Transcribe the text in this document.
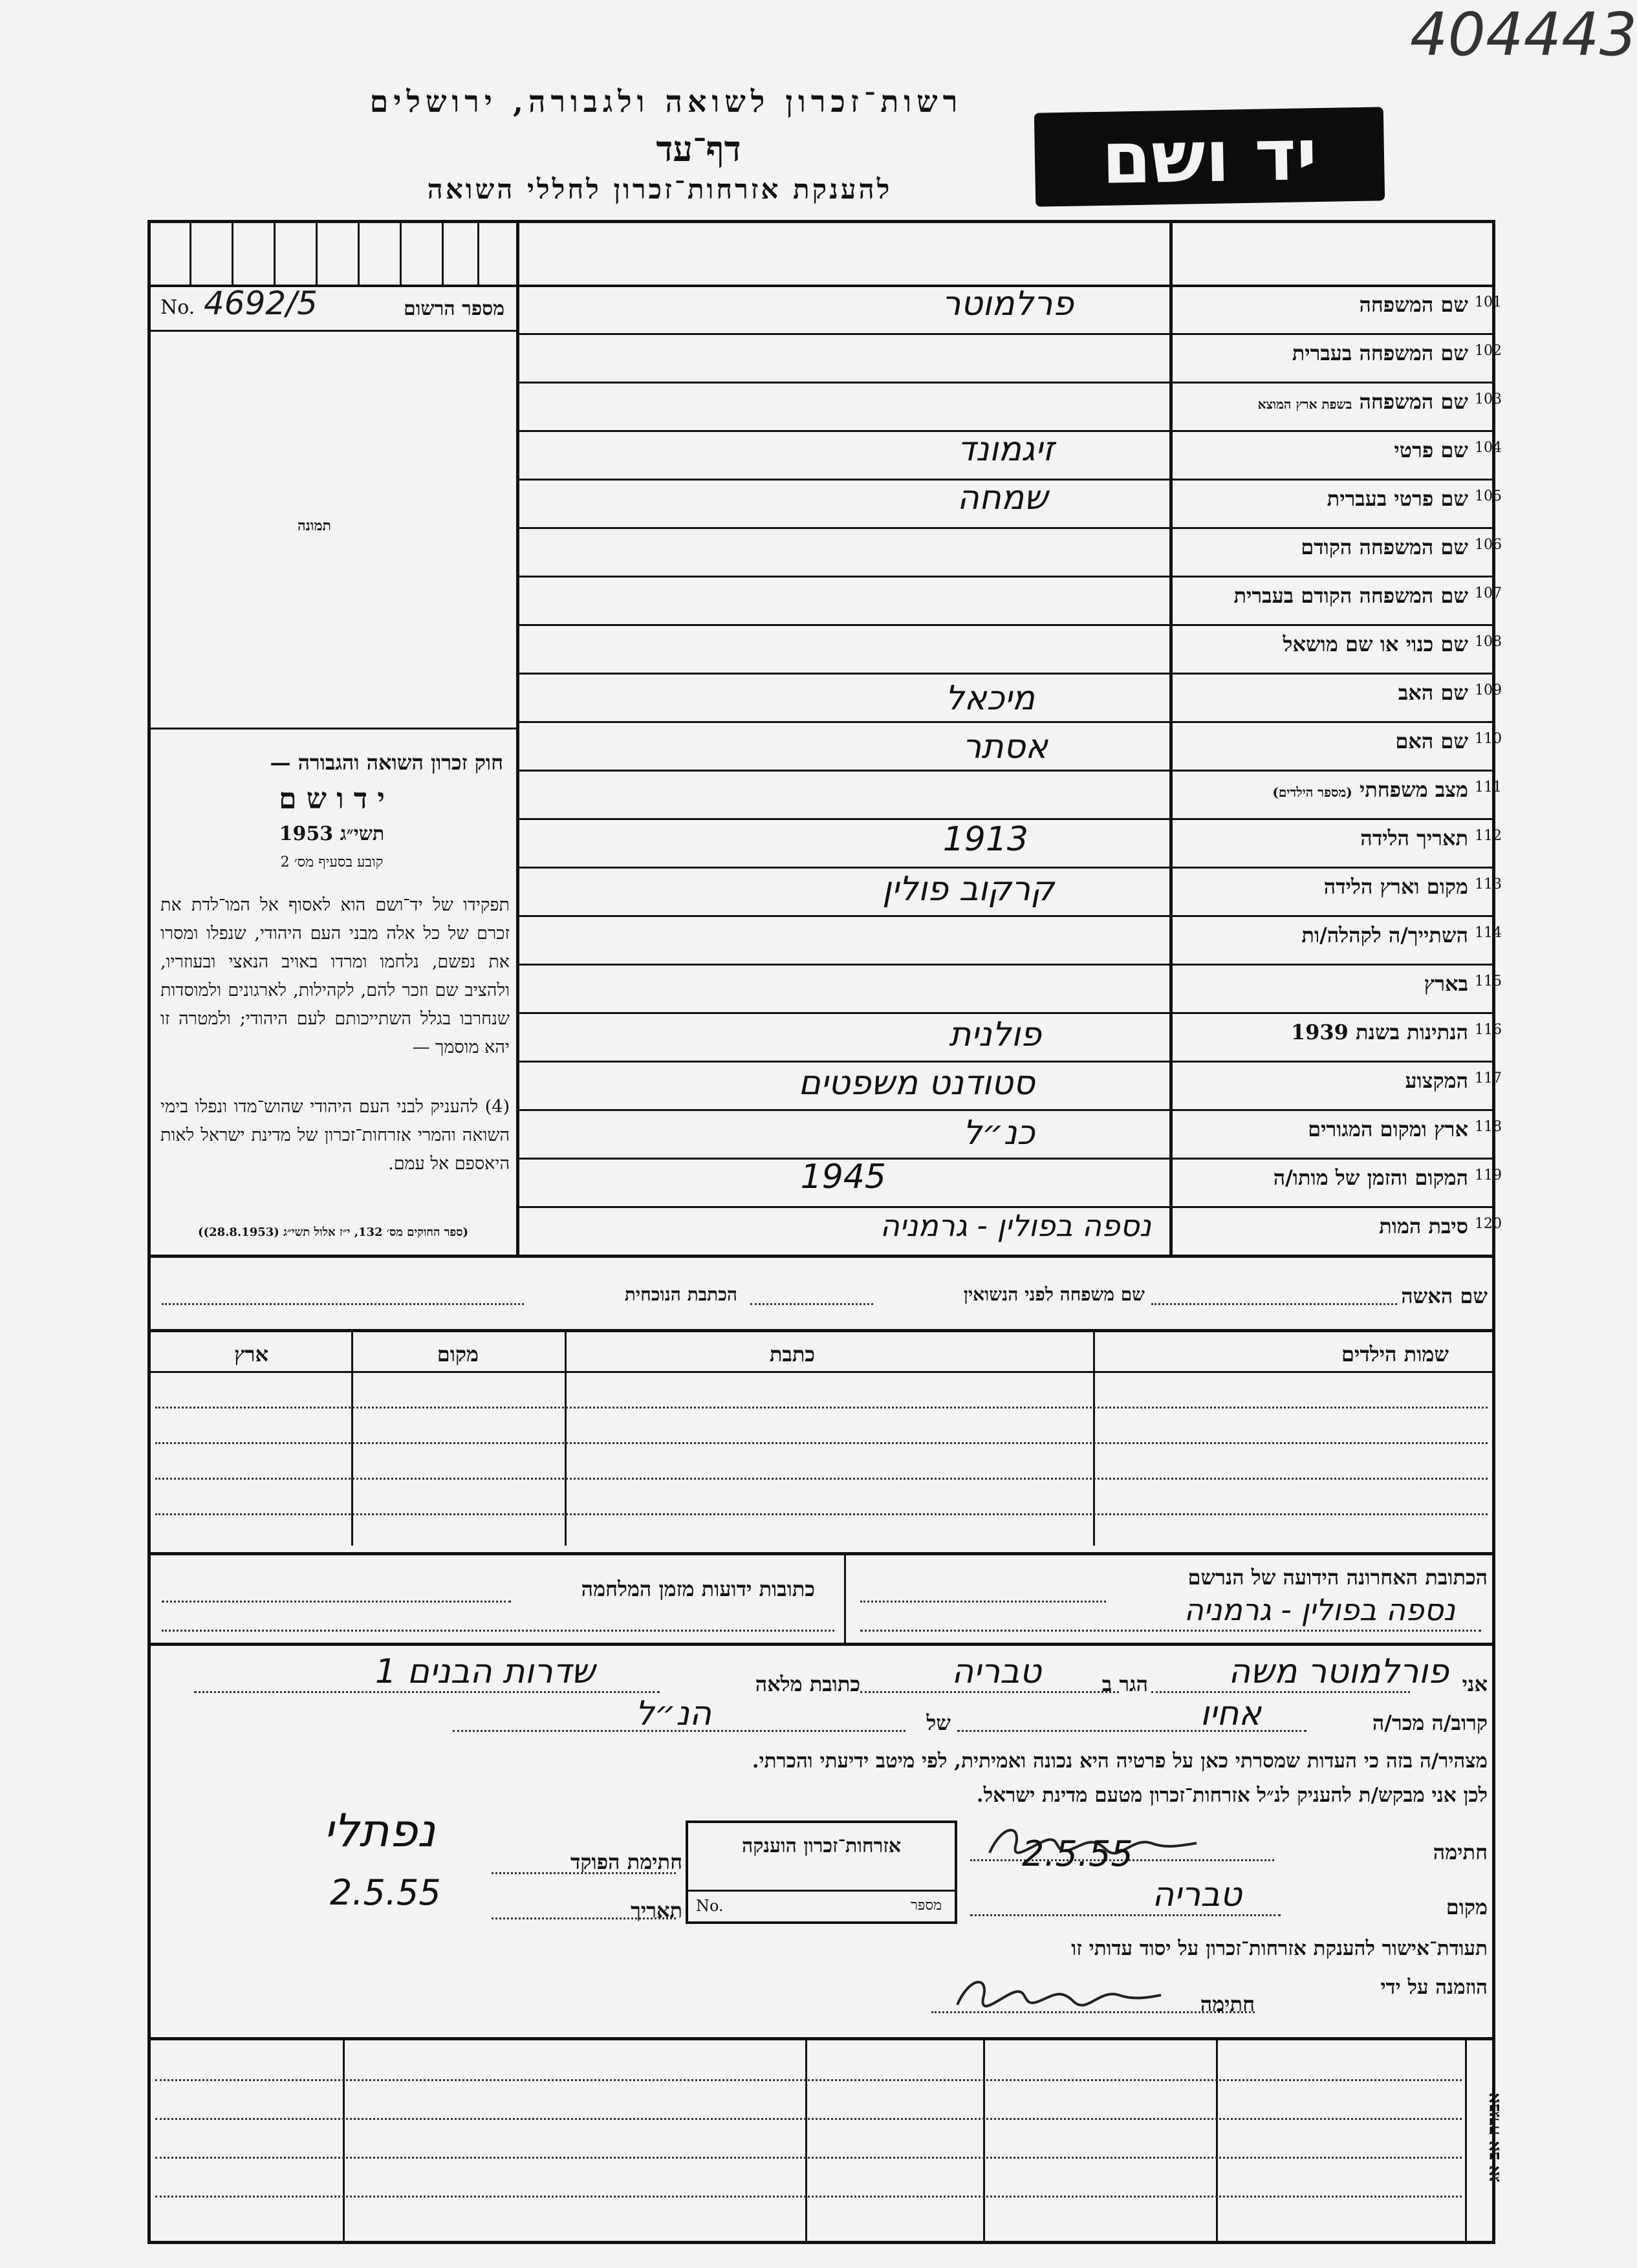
404443
יד ושם
רשות־זכרון לשואה ולגבורה, ירושלים
דף־עד
להענקת אזרחות־זכרון לחללי השואה
No. 4692/5	מספר הרשום
תמונה
חוק זכרון השואה והגבורה —
י ד ו ש ם
תשי״ג 1953
קובע בסעיף מס׳ 2
תפקידו של יד־ושם הוא לאסוף אל המו־לדת את זכרם של כל אלה מבני העם היהודי, שנפלו ומסרו את נפשם, נלחמו ומרדו באויב הנאצי ובעוזריו, ולהציב שם וזכר להם, לקהילות, לארגונים ולמוסדות שנחרבו בגלל השתייכותם לעם היהודי; ולמטרה זו יהא מוסמך —
(4) להעניק לבני העם היהודי שהוש־מדו ונפלו בימי השואה והמרי אזרחות־זכרון של מדינת ישראל לאות היאספם אל עמם.
(ספר החוקים מס׳ 132, י״ז אלול תשי״ג (28.8.1953))
101
שם המשפחה
פרלמוטר
102
שם המשפחה בעברית
103
שם המשפחה בשפת ארץ המוצא
104
שם פרטי
זיגמונד
105
שם פרטי בעברית
שמחה
106
שם המשפחה הקודם
107
שם המשפחה הקודם בעברית
108
שם כנוי או שם מושאל
109
שם האב
מיכאל
110
שם האם
אסתר
111
מצב משפחתי (מספר הילדים)
112
תאריך הלידה
1913
113
מקום וארץ הלידה
קרקוב פולין
114
השתייך/ה לקהלה/ות
115
בארץ
116
הנתינות בשנת 1939
פולנית
117
המקצוע
סטודנט משפטים
118
ארץ ומקום המגורים
כנ״ל
119
המקום והזמן של מותו/ה
1945
120
סיבת המות
נספה בפולין - גרמניה
שם האשה
שם משפחה לפני הנשואין
הכתבת הנוכחית
שמות הילדים
כתבת
מקום
ארץ
הכתובת האחרונה הידועה של הנרשם
נספה בפולין - גרמניה
כתובות ידועות מזמן המלחמה
אני
פורלמוטר משה
הגר ב
טבריה
כתובת מלאה
שדרות הבנים 1
קרוב/ה מכר/ה
אחיו
של
הנ״ל
מצהיר/ה בזה כי העדות שמסרתי כאן על פרטיה היא נכונה ואמיתית, לפי מיטב ידיעתי והכרתי.
לכן אני מבקש/ת להעניק לנ״ל אזרחות־זכרון מטעם מדינת ישראל.
חתימה
מקום
טבריה
2.5.55
אזרחות־זכרון הוענקה
No.	מספר
חתימת הפוקד
נפתלי
תאריך
2.5.55
תעודת־אישור להענקת אזרחות־זכרון על יסוד עדותי זו
הוזמנה על ידי
חתימה
אבגדה אב אג
